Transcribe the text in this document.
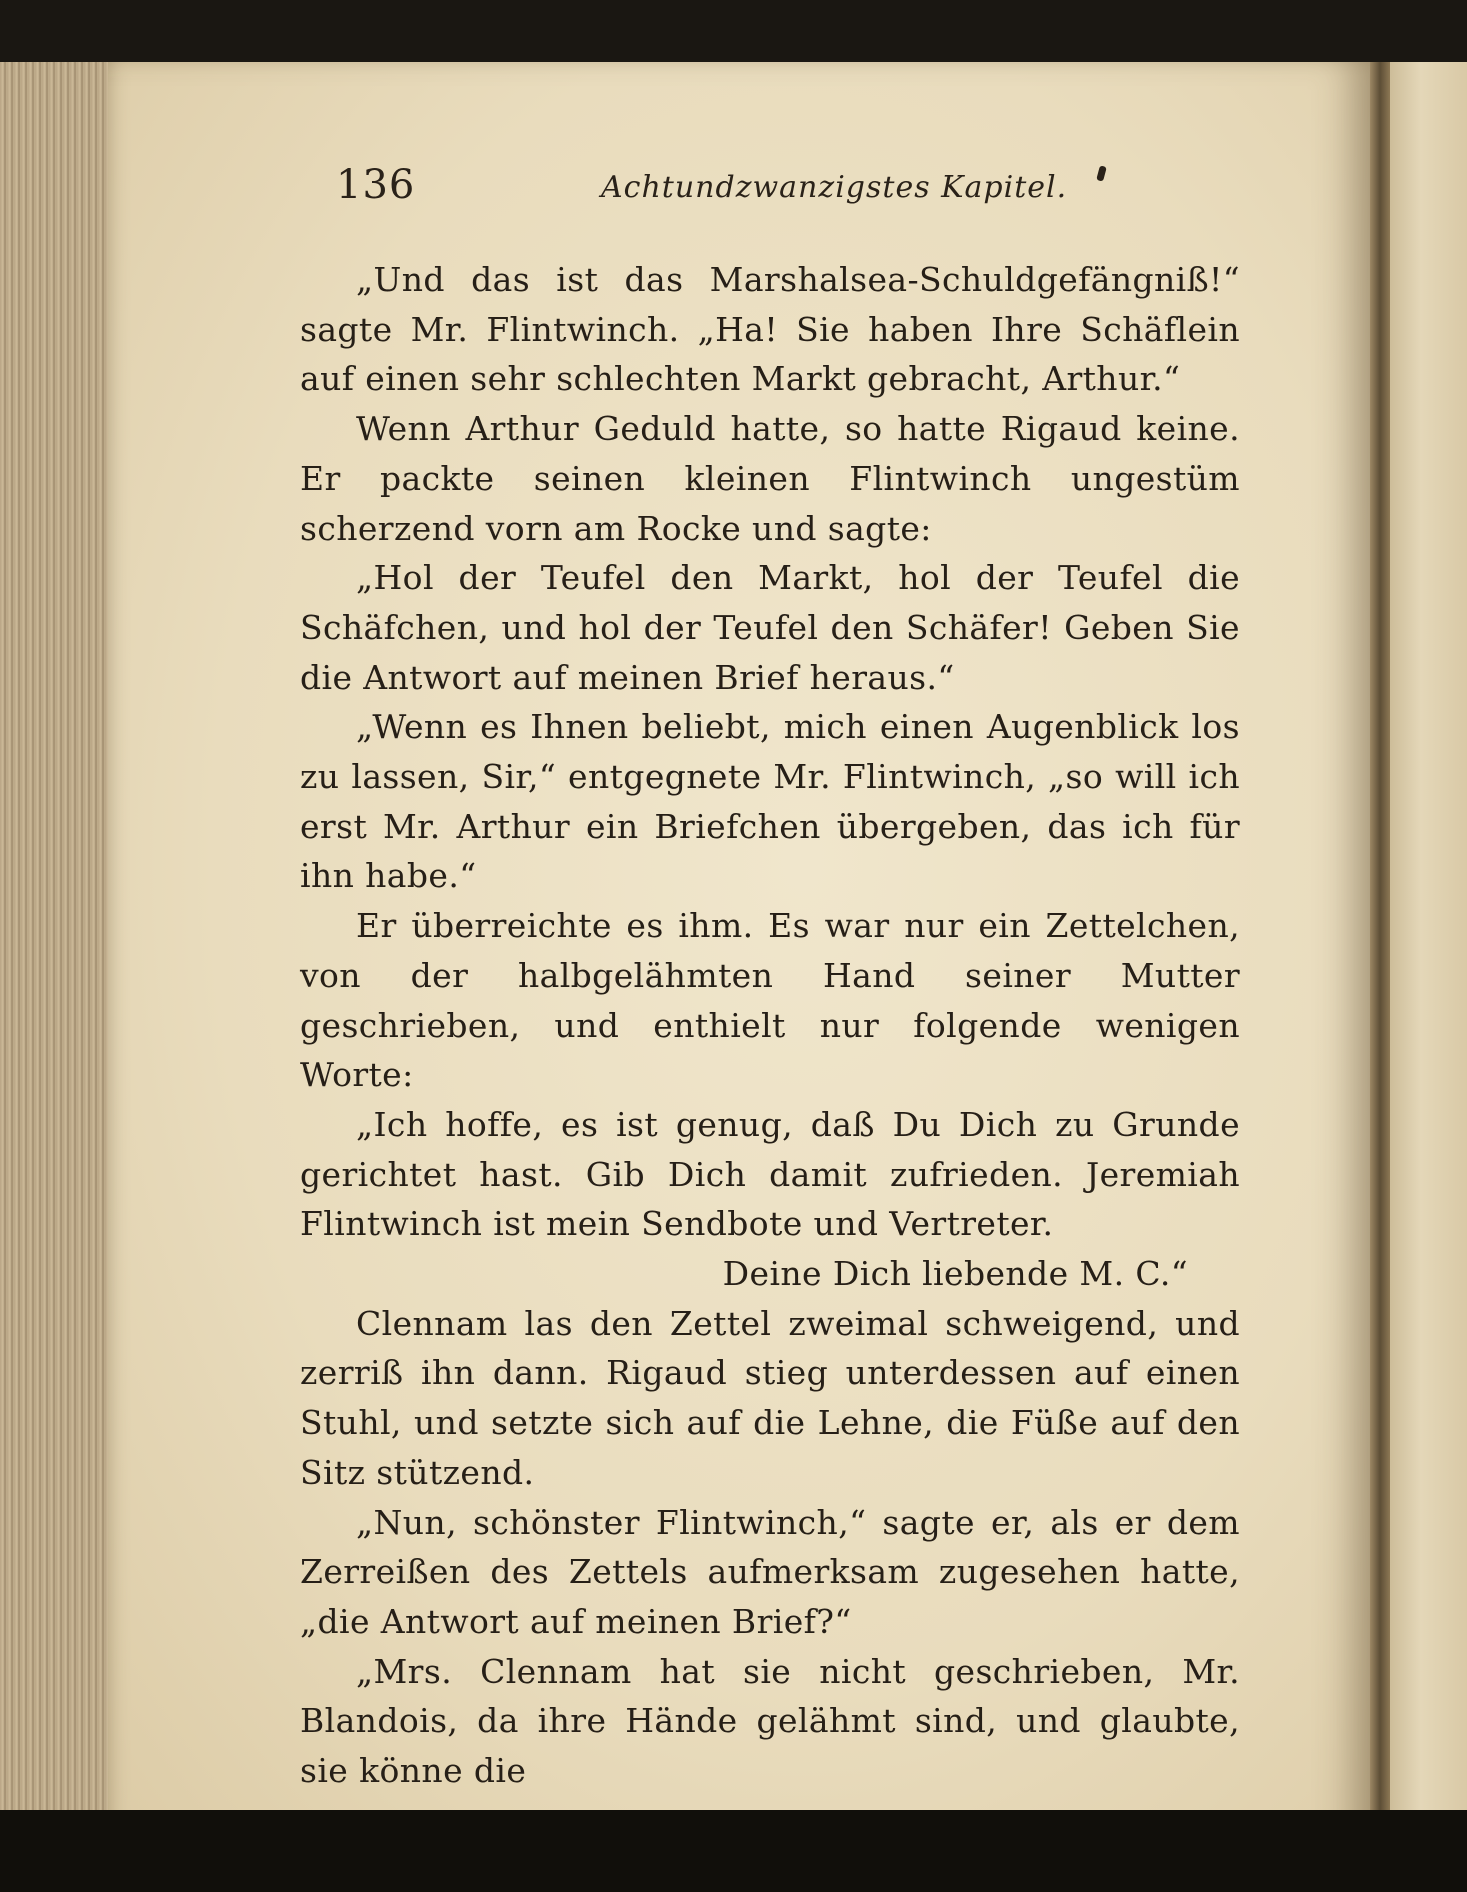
136	Achtundzwanzigstes Kapitel.

„Und das ist das Marshalsea-Schuldgefängniß!“ sagte Mr. Flintwinch. „Ha! Sie haben Ihre Schäflein auf einen sehr schlechten Markt gebracht, Arthur.“

Wenn Arthur Geduld hatte, so hatte Rigaud keine. Er packte seinen kleinen Flintwinch ungestüm scherzend vorn am Rocke und sagte:

„Hol der Teufel den Markt, hol der Teufel die Schäfchen, und hol der Teufel den Schäfer! Geben Sie die Antwort auf meinen Brief heraus.“

„Wenn es Ihnen beliebt, mich einen Augenblick los zu lassen, Sir,“ entgegnete Mr. Flintwinch, „so will ich erst Mr. Arthur ein Briefchen übergeben, das ich für ihn habe.“

Er überreichte es ihm. Es war nur ein Zettelchen, von der halbgelähmten Hand seiner Mutter geschrieben, und enthielt nur folgende wenigen Worte:

„Ich hoffe, es ist genug, daß Du Dich zu Grunde gerichtet hast. Gib Dich damit zufrieden. Jeremiah Flintwinch ist mein Sendbote und Vertreter.

Deine Dich liebende M. C.“

Clennam las den Zettel zweimal schweigend, und zerriß ihn dann. Rigaud stieg unterdessen auf einen Stuhl, und setzte sich auf die Lehne, die Füße auf den Sitz stützend.

„Nun, schönster Flintwinch,“ sagte er, als er dem Zerreißen des Zettels aufmerksam zugesehen hatte, „die Antwort auf meinen Brief?“

„Mrs. Clennam hat sie nicht geschrieben, Mr. Blandois, da ihre Hände gelähmt sind, und glaubte, sie könne die
